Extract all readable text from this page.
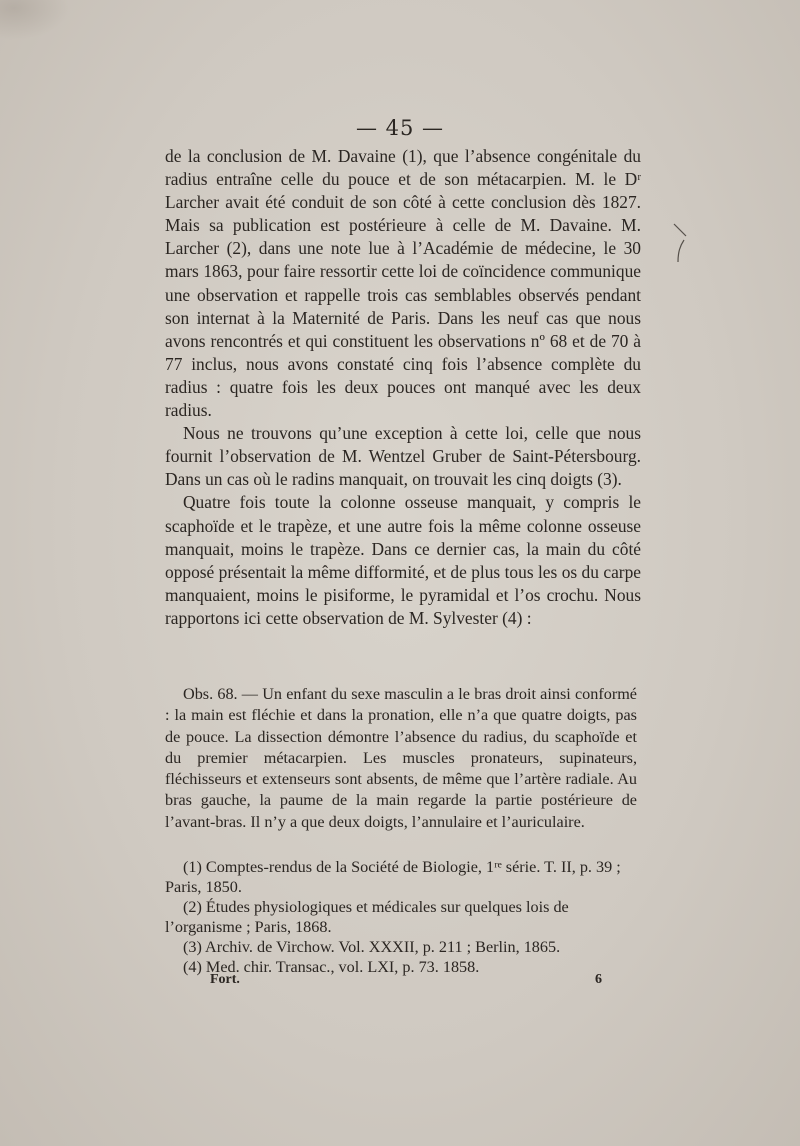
— 45 —

de la conclusion de M. Davaine (1), que l’absence congénitale du radius entraîne celle du pouce et de son métacarpien. M. le Dʳ Larcher avait été conduit de son côté à cette conclusion dès 1827. Mais sa publication est postérieure à celle de M. Davaine. M. Larcher (2), dans une note lue à l’Académie de médecine, le 30 mars 1863, pour faire ressortir cette loi de coïncidence communique une observation et rappelle trois cas semblables observés pendant son internat à la Maternité de Paris. Dans les neuf cas que nous avons rencontrés et qui constituent les observations nº 68 et de 70 à 77 inclus, nous avons constaté cinq fois l’absence complète du radius : quatre fois les deux pouces ont manqué avec les deux radius.

Nous ne trouvons qu’une exception à cette loi, celle que nous fournit l’observation de M. Wentzel Gruber de Saint-Pétersbourg. Dans un cas où le radins manquait, on trouvait les cinq doigts (3).

Quatre fois toute la colonne osseuse manquait, y compris le scaphoïde et le trapèze, et une autre fois la même colonne osseuse manquait, moins le trapèze. Dans ce dernier cas, la main du côté opposé présentait la même difformité, et de plus tous les os du carpe manquaient, moins le pisiforme, le pyramidal et l’os crochu. Nous rapportons ici cette observation de M. Sylvester (4) :

Obs. 68. — Un enfant du sexe masculin a le bras droit ainsi conformé : la main est fléchie et dans la pronation, elle n’a que quatre doigts, pas de pouce. La dissection démontre l’absence du radius, du scaphoïde et du premier métacarpien. Les muscles pronateurs, supinateurs, fléchisseurs et extenseurs sont absents, de même que l’artère radiale. Au bras gauche, la paume de la main regarde la partie postérieure de l’avant-bras. Il n’y a que deux doigts, l’annulaire et l’auriculaire.

(1) Comptes-rendus de la Société de Biologie, 1ʳᵉ série. T. II, p. 39 ; Paris, 1850.

(2) Études physiologiques et médicales sur quelques lois de l’organisme ; Paris, 1868.

(3) Archiv. de Virchow. Vol. XXXII, p. 211 ; Berlin, 1865.

(4) Med. chir. Transac., vol. LXI, p. 73. 1858.

Fort.	6
